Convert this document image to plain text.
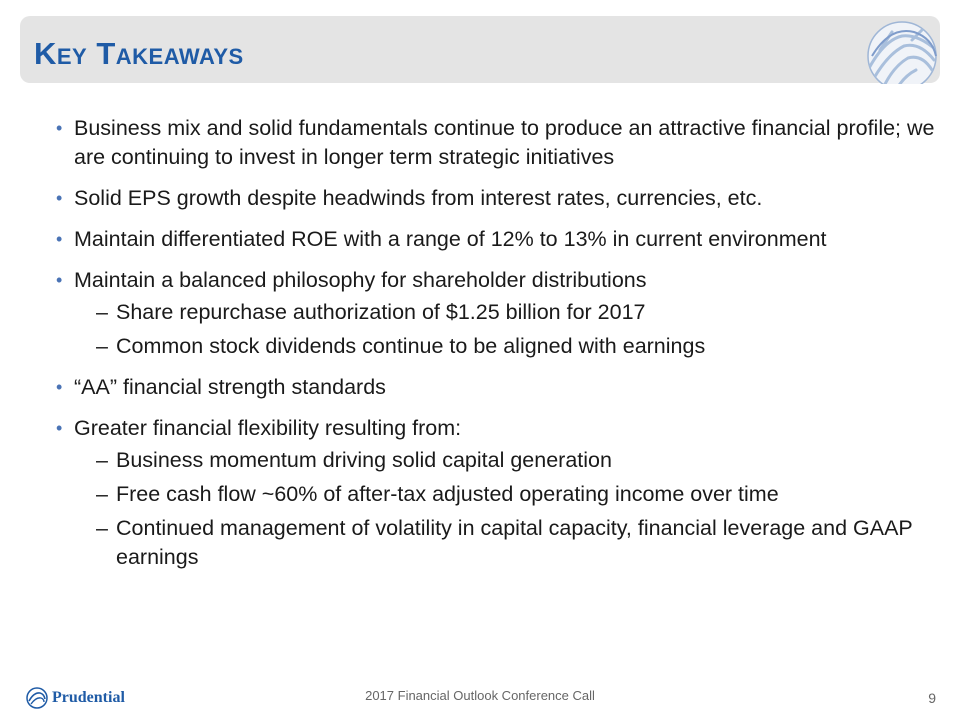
Key Takeaways
• Business mix and solid fundamentals continue to produce an attractive financial profile; we are continuing to invest in longer term strategic initiatives
• Solid EPS growth despite headwinds from interest rates, currencies, etc.
• Maintain differentiated ROE with a range of 12% to 13% in current environment
• Maintain a balanced philosophy for shareholder distributions
– Share repurchase authorization of $1.25 billion for 2017
– Common stock dividends continue to be aligned with earnings
• “AA” financial strength standards
• Greater financial flexibility resulting from:
– Business momentum driving solid capital generation
– Free cash flow ~60% of after-tax adjusted operating income over time
– Continued management of volatility in capital capacity, financial leverage and GAAP earnings
Prudential	2017 Financial Outlook Conference Call	9
